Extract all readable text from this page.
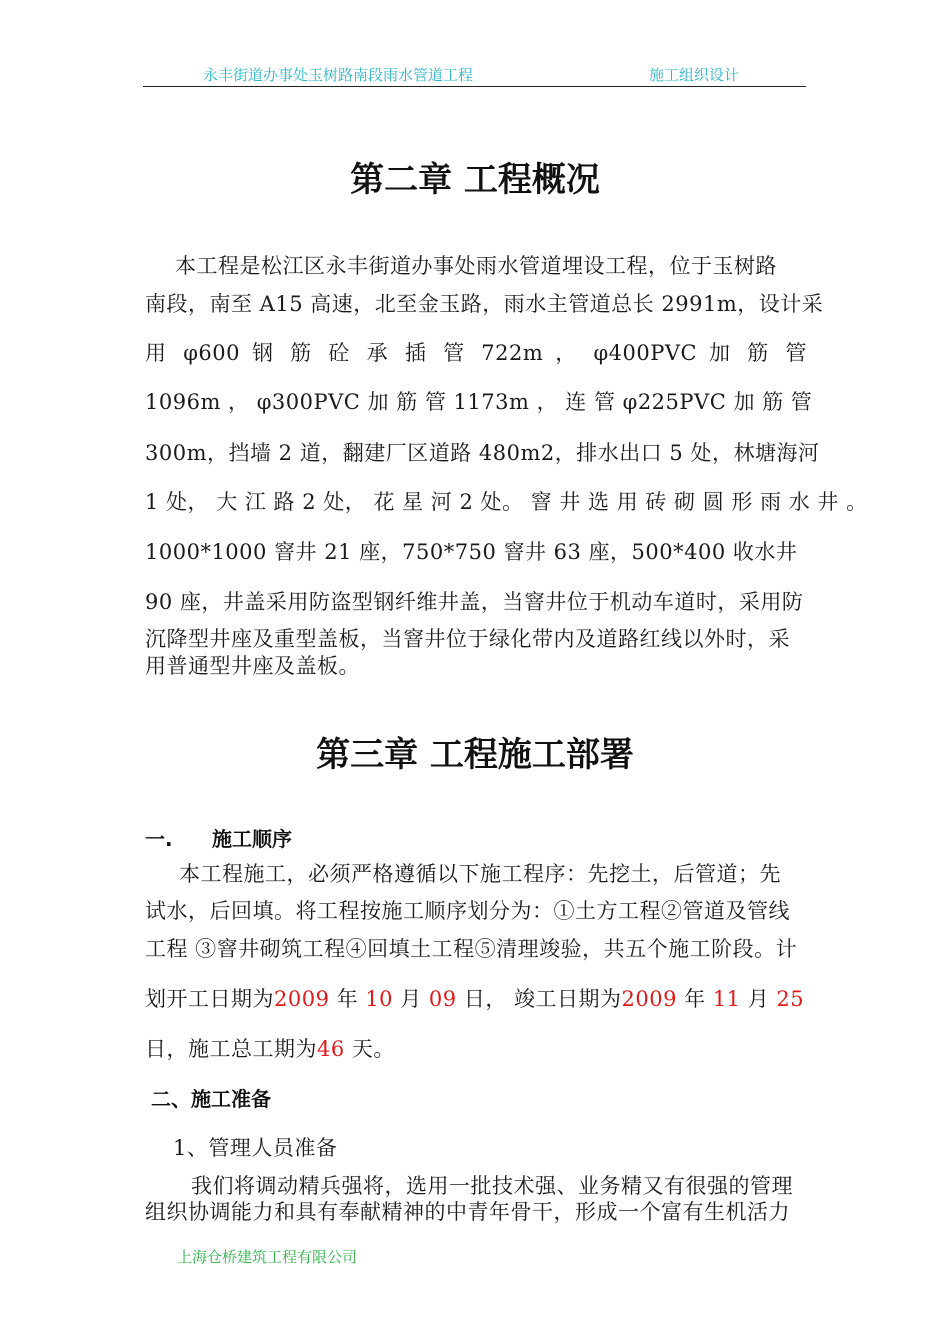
永丰街道办事处玉树路南段雨水管道工程	施工组织设计
第二章 工程概况
本工程是松江区永丰街道办事处雨水管道埋设工程，位于玉树路
南段，南至 A15 高速，北至金玉路，雨水主管道总长 2991m，设计采
用 φ600 钢 筋 砼 承 插 管 722m ， φ400PVC 加 筋 管
1096m ， φ300PVC 加 筋 管 1173m ， 连 管 φ225PVC 加 筋 管
300m，挡墙 2 道，翻建厂区道路 480m2，排水出口 5 处，林塘海河
1 处， 大 江 路 2 处， 花 星 河 2 处。 窨 井 选 用 砖 砌 圆 形 雨 水 井 。
1000*1000 窨井 21 座，750*750 窨井 63 座，500*400 收水井
90 座，井盖采用防盗型钢纤维井盖，当窨井位于机动车道时，采用防
沉降型井座及重型盖板，当窨井位于绿化带内及道路红线以外时，采
用普通型井座及盖板。
第三章 工程施工部署
一. 施工顺序
本工程施工，必须严格遵循以下施工程序：先挖土，后管道；先
试水，后回填。将工程按施工顺序划分为：①土方工程②管道及管线
工程 ③窨井砌筑工程④回填土工程⑤清理竣验，共五个施工阶段。计
划开工日期为2009 年 10 月 09 日， 竣工日期为2009 年 11 月 25
日，施工总工期为46 天。
二、施工准备
1、管理人员准备
我们将调动精兵强将，选用一批技术强、业务精又有很强的管理
组织协调能力和具有奉献精神的中青年骨干，形成一个富有生机活力
上海仓桥建筑工程有限公司
